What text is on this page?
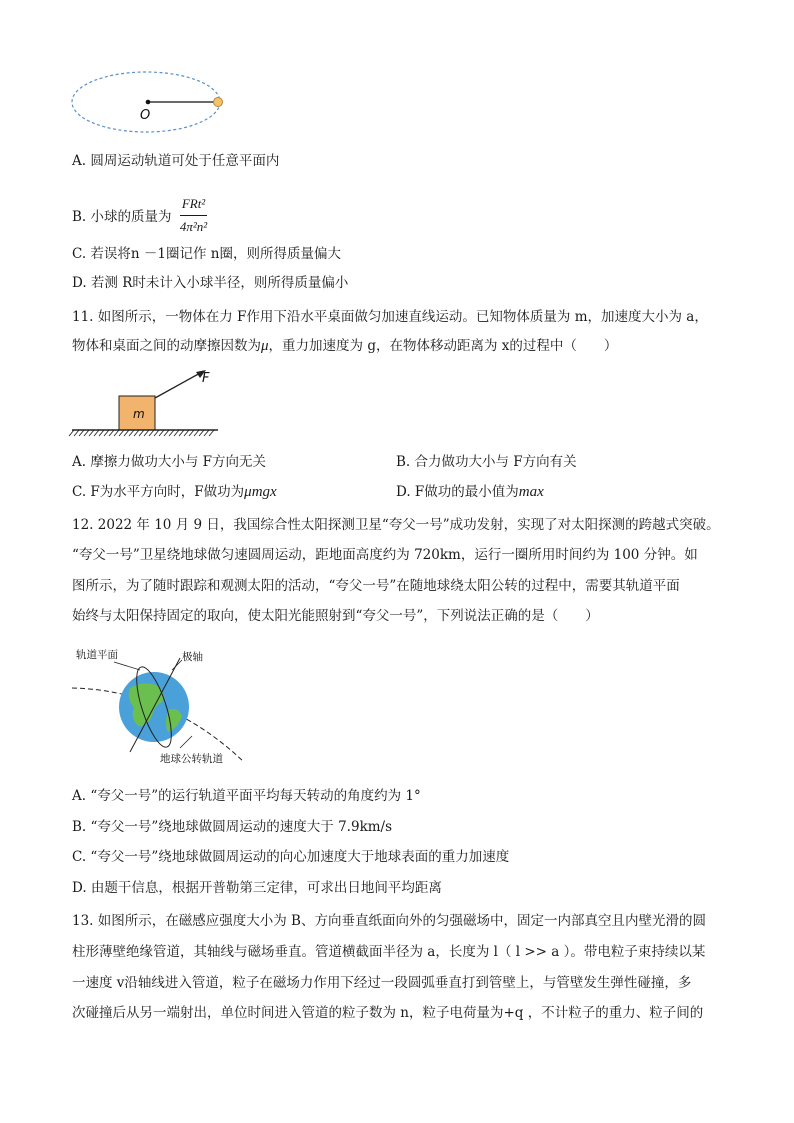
O
A. 圆周运动轨道可处于任意平面内
B. 小球的质量为 $\frac{\text{FRt²}}{\text{4π²n²}}$
C. 若误将n －1圈记作 n圈，则所得质量偏大
D. 若测 R时未计入小球半径，则所得质量偏小
11. 如图所示，一物体在力 F作用下沿水平桌面做匀加速直线运动。已知物体质量为 m，加速度大小为 a，
物体和桌面之间的动摩擦因数为μ，重力加速度为 g，在物体移动距离为 x的过程中（　　）
m
F
A. 摩擦力做功大小与 F方向无关	B. 合力做功大小与 F方向有关
C. F为水平方向时，F做功为μmgx	D. F做功的最小值为max
12. 2022 年 10 月 9 日，我国综合性太阳探测卫星“夸父一号”成功发射，实现了对太阳探测的跨越式突破。
“夸父一号”卫星绕地球做匀速圆周运动，距地面高度约为 720km，运行一圈所用时间约为 100 分钟。如
图所示，为了随时跟踪和观测太阳的活动，“夸父一号”在随地球绕太阳公转的过程中，需要其轨道平面
始终与太阳保持固定的取向，使太阳光能照射到“夸父一号”，下列说法正确的是（　　）
轨道平面	极轴
地球公转轨道
A. “夸父一号”的运行轨道平面平均每天转动的角度约为 1°
B. “夸父一号”绕地球做圆周运动的速度大于 7.9km/s
C. “夸父一号”绕地球做圆周运动的向心加速度大于地球表面的重力加速度
D. 由题干信息，根据开普勒第三定律，可求出日地间平均距离
13. 如图所示，在磁感应强度大小为 B、方向垂直纸面向外的匀强磁场中，固定一内部真空且内壁光滑的圆
柱形薄壁绝缘管道，其轴线与磁场垂直。管道横截面半径为 a，长度为 l（ l >> a ）。带电粒子束持续以某
一速度 v沿轴线进入管道，粒子在磁场力作用下经过一段圆弧垂直打到管壁上，与管壁发生弹性碰撞，多
次碰撞后从另一端射出，单位时间进入管道的粒子数为 n，粒子电荷量为+q ，不计粒子的重力、粒子间的
